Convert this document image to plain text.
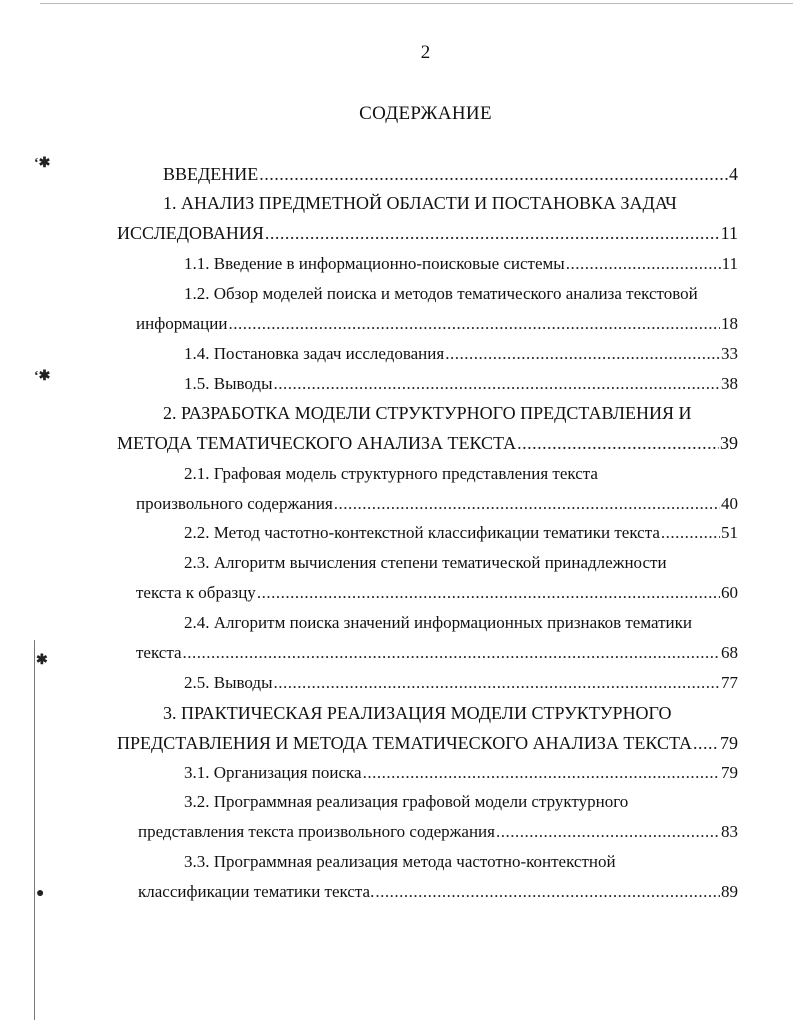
ʻ✱
ʻ✱
✱
●
2
СОДЕРЖАНИЕ
ВВЕДЕНИЕ .....	4
1. АНАЛИЗ ПРЕДМЕТНОЙ ОБЛАСТИ И ПОСТАНОВКА ЗАДАЧ
ИССЛЕДОВАНИЯ .....	11
1.1. Введение в информационно-поисковые системы .....	11
1.2. Обзор моделей поиска и методов тематического анализа текстовой
информации .....	18
1.4. Постановка задач исследования .....	33
1.5. Выводы .....	38
2. РАЗРАБОТКА МОДЕЛИ СТРУКТУРНОГО ПРЕДСТАВЛЕНИЯ И
МЕТОДА ТЕМАТИЧЕСКОГО АНАЛИЗА ТЕКСТА .....	39
2.1. Графовая модель структурного представления текста
произвольного содержания .....	40
2.2. Метод частотно-контекстной классификации тематики текста .....	51
2.3. Алгоритм вычисления степени тематической принадлежности
текста к образцу .....	60
2.4. Алгоритм поиска значений информационных признаков тематики
текста .....	68
2.5. Выводы .....	77
3. ПРАКТИЧЕСКАЯ РЕАЛИЗАЦИЯ МОДЕЛИ СТРУКТУРНОГО
ПРЕДСТАВЛЕНИЯ И МЕТОДА ТЕМАТИЧЕСКОГО АНАЛИЗА ТЕКСТА ..... 79
3.1. Организация поиска .....	79
3.2. Программная реализация графовой модели структурного
представления текста произвольного содержания .....	83
3.3. Программная реализация метода частотно-контекстной
классификации тематики текста. .....	89
